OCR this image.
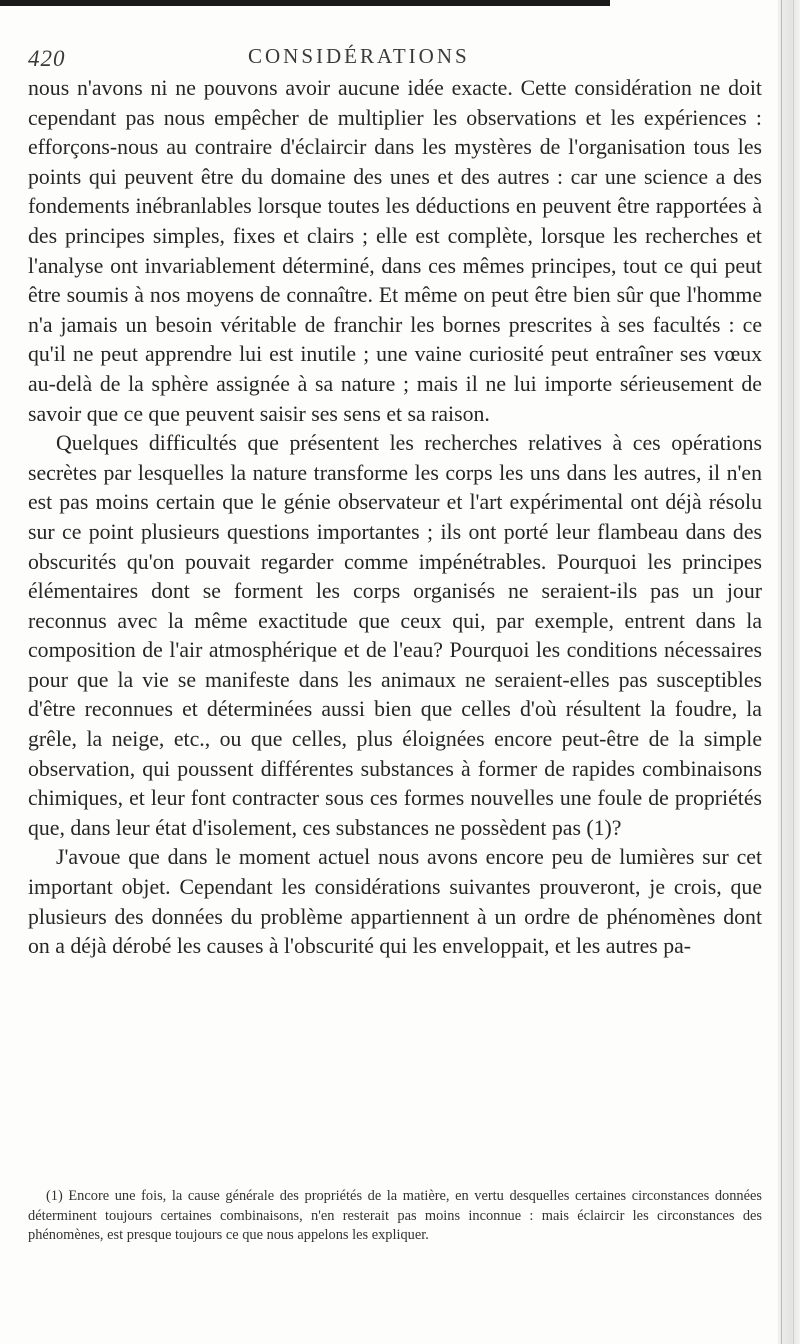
420	CONSIDÉRATIONS

nous n'avons ni ne pouvons avoir aucune idée exacte. Cette considération ne doit cependant pas nous empêcher de multiplier les observations et les expériences : efforçons-nous au contraire d'éclaircir dans les mystères de l'organisation tous les points qui peuvent être du domaine des unes et des autres : car une science a des fondements inébranlables lorsque toutes les déductions en peuvent être rapportées à des principes simples, fixes et clairs ; elle est complète, lorsque les recherches et l'analyse ont invariablement déterminé, dans ces mêmes principes, tout ce qui peut être soumis à nos moyens de connaître. Et même on peut être bien sûr que l'homme n'a jamais un besoin véritable de franchir les bornes prescrites à ses facultés : ce qu'il ne peut apprendre lui est inutile ; une vaine curiosité peut entraîner ses vœux au-delà de la sphère assignée à sa nature ; mais il ne lui importe sérieusement de savoir que ce que peuvent saisir ses sens et sa raison.

Quelques difficultés que présentent les recherches relatives à ces opérations secrètes par lesquelles la nature transforme les corps les uns dans les autres, il n'en est pas moins certain que le génie observateur et l'art expérimental ont déjà résolu sur ce point plusieurs questions importantes ; ils ont porté leur flambeau dans des obscurités qu'on pouvait regarder comme impénétrables. Pourquoi les principes élémentaires dont se forment les corps organisés ne seraient-ils pas un jour reconnus avec la même exactitude que ceux qui, par exemple, entrent dans la composition de l'air atmosphérique et de l'eau? Pourquoi les conditions nécessaires pour que la vie se manifeste dans les animaux ne seraient-elles pas susceptibles d'être reconnues et déterminées aussi bien que celles d'où résultent la foudre, la grêle, la neige, etc., ou que celles, plus éloignées encore peut-être de la simple observation, qui poussent différentes substances à former de rapides combinaisons chimiques, et leur font contracter sous ces formes nouvelles une foule de propriétés que, dans leur état d'isolement, ces substances ne possèdent pas (1)?

J'avoue que dans le moment actuel nous avons encore peu de lumières sur cet important objet. Cependant les considérations suivantes prouveront, je crois, que plusieurs des données du problème appartiennent à un ordre de phénomènes dont on a déjà dérobé les causes à l'obscurité qui les enveloppait, et les autres pa-

(1) Encore une fois, la cause générale des propriétés de la matière, en vertu desquelles certaines circonstances données déterminent toujours certaines combinaisons, n'en resterait pas moins inconnue : mais éclaircir les circonstances des phénomènes, est presque toujours ce que nous appelons les expliquer.
